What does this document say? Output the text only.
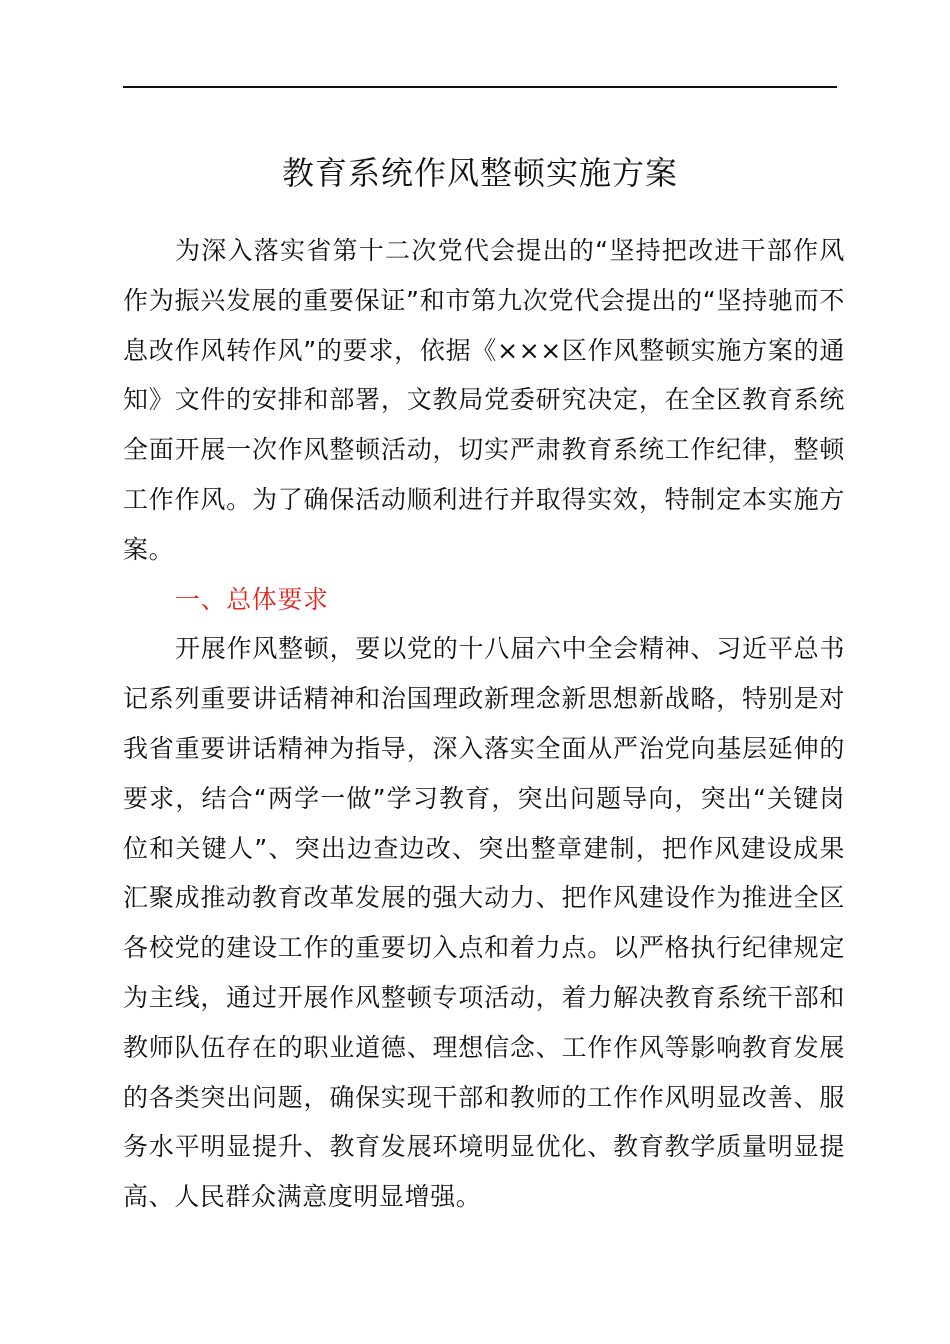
教育系统作风整顿实施方案

为深入落实省第十二次党代会提出的“坚持把改进干部作风作为振兴发展的重要保证”和市第九次党代会提出的“坚持驰而不息改作风转作风”的要求，依据《×××区作风整顿实施方案的通知》文件的安排和部署，文教局党委研究决定，在全区教育系统全面开展一次作风整顿活动，切实严肃教育系统工作纪律，整顿工作作风。为了确保活动顺利进行并取得实效，特制定本实施方案。

一、总体要求

开展作风整顿，要以党的十八届六中全会精神、习近平总书记系列重要讲话精神和治国理政新理念新思想新战略，特别是对我省重要讲话精神为指导，深入落实全面从严治党向基层延伸的要求，结合“两学一做”学习教育，突出问题导向，突出“关键岗位和关键人”、突出边查边改、突出整章建制，把作风建设成果汇聚成推动教育改革发展的强大动力、把作风建设作为推进全区各校党的建设工作的重要切入点和着力点。以严格执行纪律规定为主线，通过开展作风整顿专项活动，着力解决教育系统干部和教师队伍存在的职业道德、理想信念、工作作风等影响教育发展的各类突出问题，确保实现干部和教师的工作作风明显改善、服务水平明显提升、教育发展环境明显优化、教育教学质量明显提高、人民群众满意度明显增强。
